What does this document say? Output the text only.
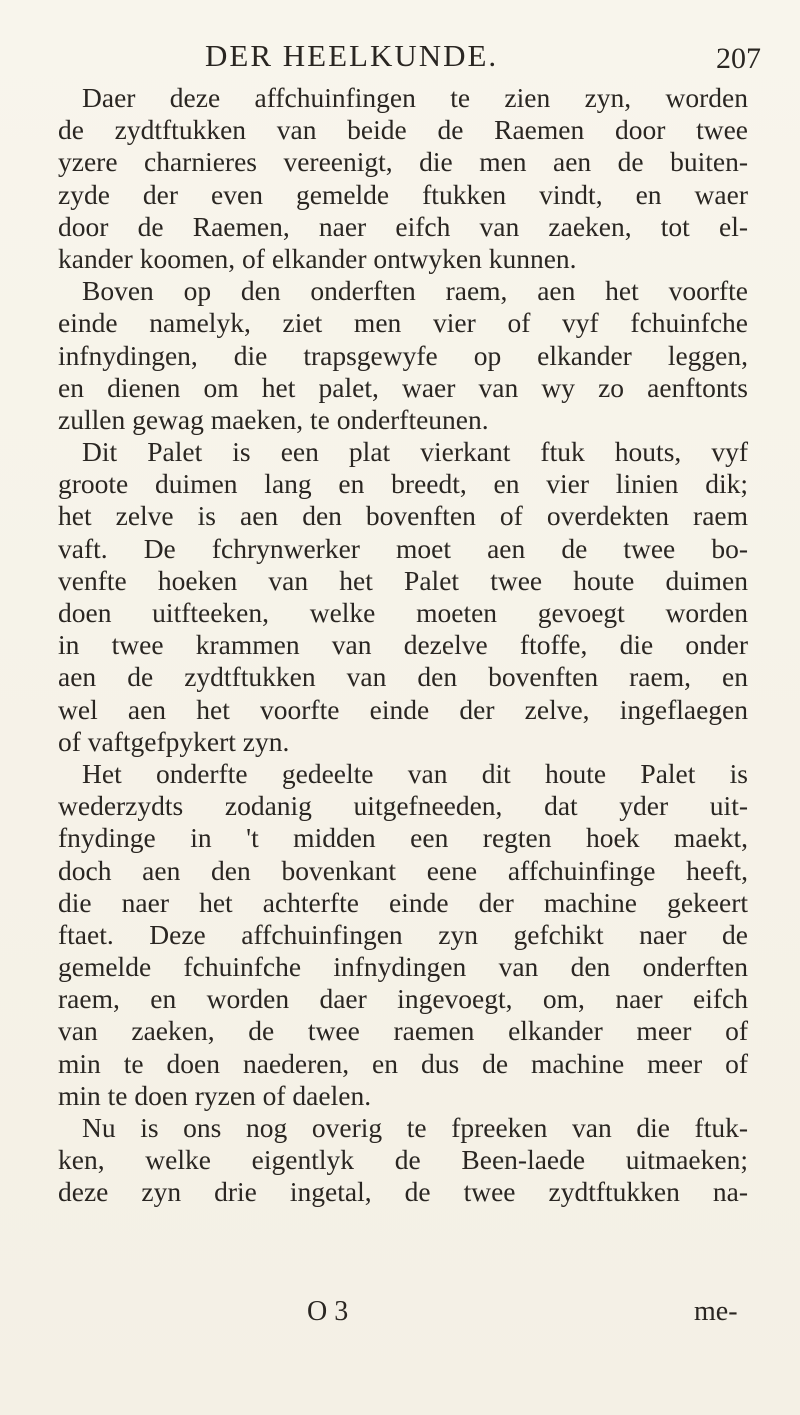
DER HEELKUNDE.	207
Daer deze affchuinfingen te zien zyn, worden
de zydtftukken van beide de Raemen door twee
yzere charnieres vereenigt, die men aen de buiten-
zyde der even gemelde ftukken vindt, en waer
door de Raemen, naer eifch van zaeken, tot el-
kander koomen, of elkander ontwyken kunnen.
Boven op den onderften raem, aen het voorfte
einde namelyk, ziet men vier of vyf fchuinfche
infnydingen, die trapsgewyfe op elkander leggen,
en dienen om het palet, waer van wy zo aenftonts
zullen gewag maeken, te onderfteunen.
Dit Palet is een plat vierkant ftuk houts, vyf
groote duimen lang en breedt, en vier linien dik;
het zelve is aen den bovenften of overdekten raem
vaft. De fchrynwerker moet aen de twee bo-
venfte hoeken van het Palet twee houte duimen
doen uitfteeken, welke moeten gevoegt worden
in twee krammen van dezelve ftoffe, die onder
aen de zydtftukken van den bovenften raem, en
wel aen het voorfte einde der zelve, ingeflaegen
of vaftgefpykert zyn.
Het onderfte gedeelte van dit houte Palet is
wederzydts zodanig uitgefneeden, dat yder uit-
fnydinge in 't midden een regten hoek maekt,
doch aen den bovenkant eene affchuinfinge heeft,
die naer het achterfte einde der machine gekeert
ftaet. Deze affchuinfingen zyn gefchikt naer de
gemelde fchuinfche infnydingen van den onderften
raem, en worden daer ingevoegt, om, naer eifch
van zaeken, de twee raemen elkander meer of
min te doen naederen, en dus de machine meer of
min te doen ryzen of daelen.
Nu is ons nog overig te fpreeken van die ftuk-
ken, welke eigentlyk de Been-laede uitmaeken;
deze zyn drie ingetal, de twee zydtftukken na-
O 3	me-
